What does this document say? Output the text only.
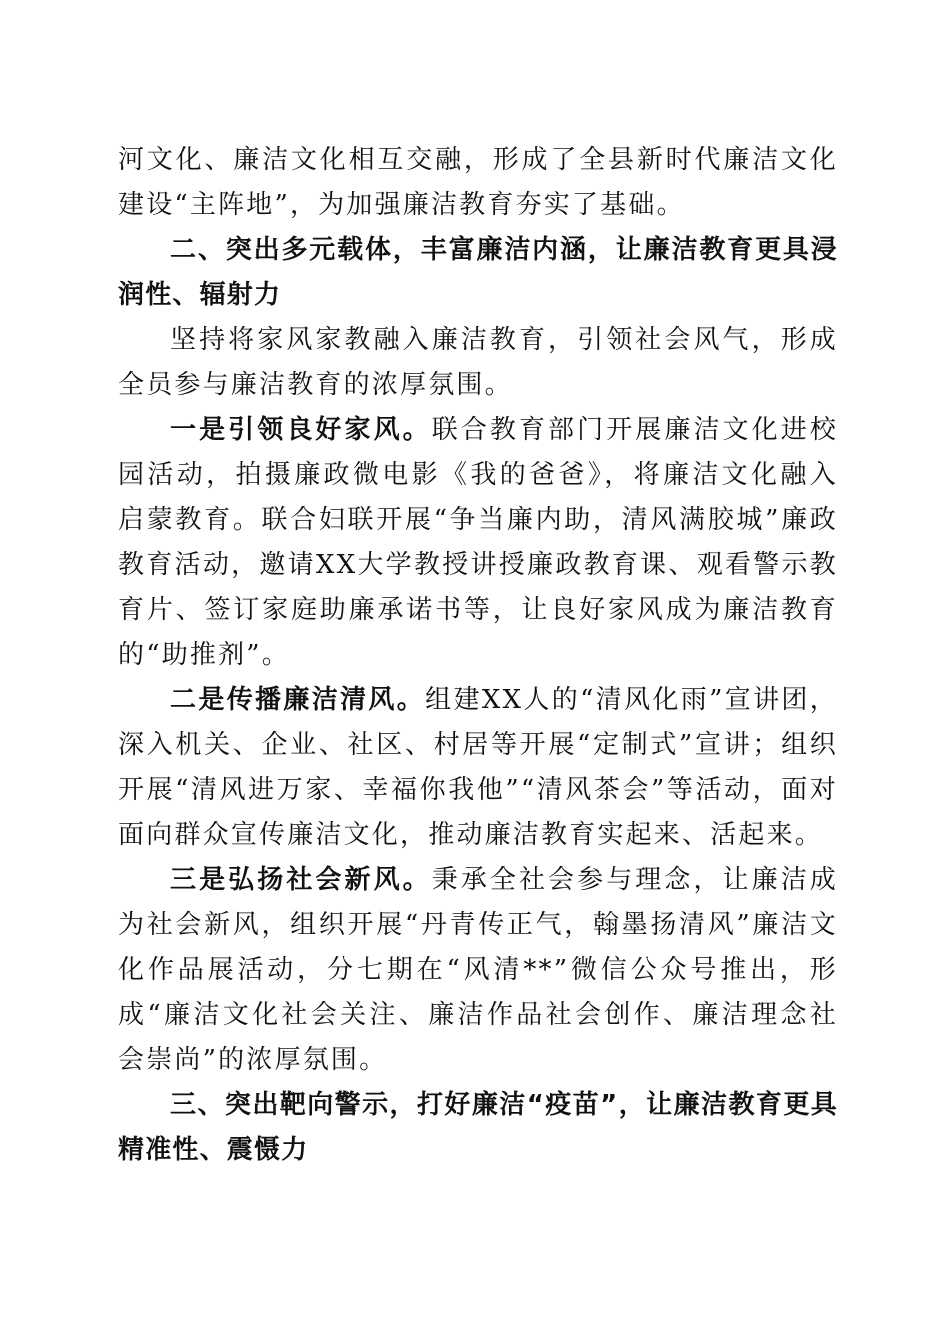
河文化、廉洁文化相互交融，形成了全县新时代廉洁文化建设“主阵地”，为加强廉洁教育夯实了基础。

二、突出多元载体，丰富廉洁内涵，让廉洁教育更具浸润性、辐射力

坚持将家风家教融入廉洁教育，引领社会风气，形成全员参与廉洁教育的浓厚氛围。

一是引领良好家风。联合教育部门开展廉洁文化进校园活动，拍摄廉政微电影《我的爸爸》，将廉洁文化融入启蒙教育。联合妇联开展“争当廉内助，清风满胶城”廉政教育活动，邀请XX大学教授讲授廉政教育课、观看警示教育片、签订家庭助廉承诺书等，让良好家风成为廉洁教育的“助推剂”。

二是传播廉洁清风。组建XX人的“清风化雨”宣讲团，深入机关、企业、社区、村居等开展“定制式”宣讲；组织开展“清风进万家、幸福你我他”“清风茶会”等活动，面对面向群众宣传廉洁文化，推动廉洁教育实起来、活起来。

三是弘扬社会新风。秉承全社会参与理念，让廉洁成为社会新风，组织开展“丹青传正气，翰墨扬清风”廉洁文化作品展活动，分七期在“风清**”微信公众号推出，形成“廉洁文化社会关注、廉洁作品社会创作、廉洁理念社会崇尚”的浓厚氛围。

三、突出靶向警示，打好廉洁“疫苗”，让廉洁教育更具精准性、震慑力
